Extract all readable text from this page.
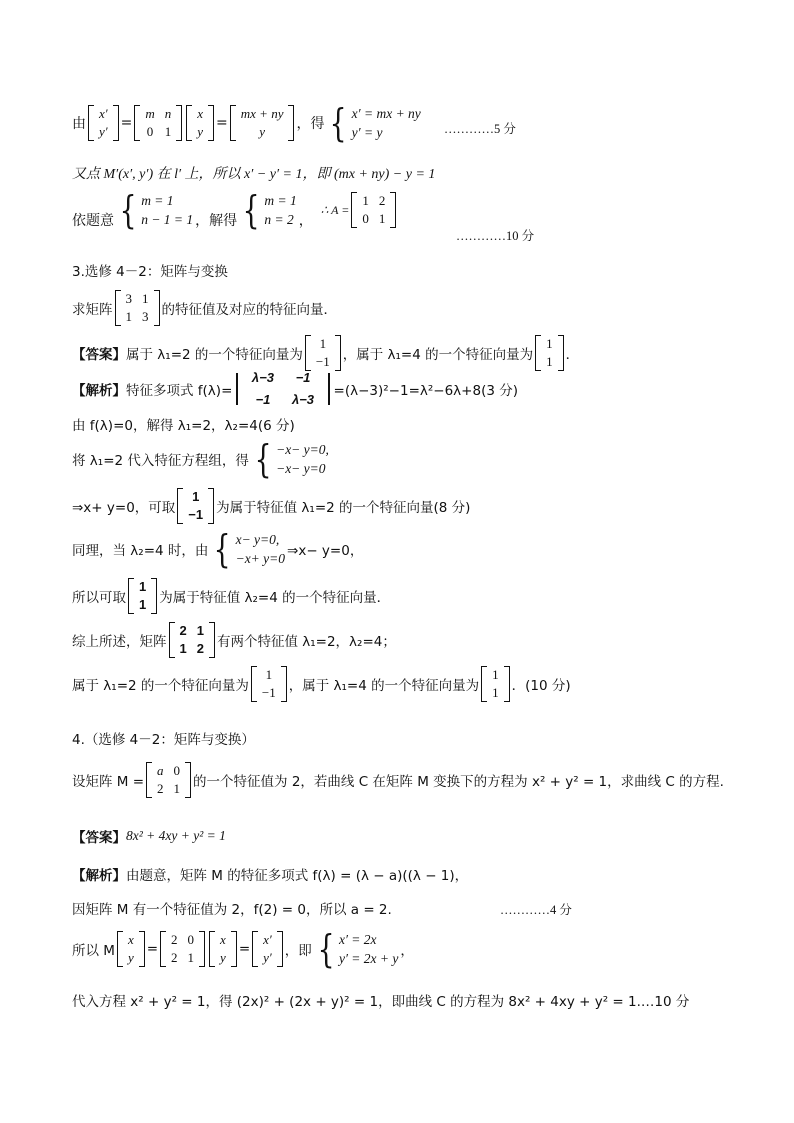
由
x′
y′
=
m	n
0	1
x
y
=
mx + ny
y ，得 { x′ = mx + ny
y′ = y	…………5 分
又点 M′(x′, y′) 在 l′ 上，所以 x′ − y′ = 1，即 (mx + ny) − y = 1
依题意 { m = 1
n − 1 = 1 ，解得 { m = 1
n = 2 ，
∴ A =
1	2
0	1
…………10 分
3.选修 4－2：矩阵与变换
求矩阵
3	1
1	3 的特征值及对应的特征向量．
【答案】 属于 λ₁=2 的一个特征向量为
1
−1 ，属于 λ₁=4 的一个特征向量为
1
1 ．
【解析】 特征多项式 f(λ)=
λ−3	−1
−1	λ−3
=(λ−3)²−1=λ²−6λ+8(3 分)
由 f(λ)=0，解得 λ₁=2，λ₂=4(6 分)
将 λ₁=2 代入特征方程组，得 { −x− y=0,
−x− y=0
⇒x+ y=0，可取
1
−1 为属于特征值 λ₁=2 的一个特征向量(8 分)
同理，当 λ₂=4 时，由 { x− y=0,
−x+ y=0 ⇒x− y=0，
所以可取
1
1 为属于特征值 λ₂=4 的一个特征向量．
综上所述，矩阵
2	1
1	2 有两个特征值 λ₁=2，λ₂=4；
属于 λ₁=2 的一个特征向量为
1
−1 ，属于 λ₁=4 的一个特征向量为
1
1 ．(10 分)
4.（选修 4－2：矩阵与变换）
设矩阵 M =
a	0
2	1 的一个特征值为 2，若曲线 C 在矩阵 M 变换下的方程为 x² + y² = 1，求曲线 C 的方程.
【答案】 8x² + 4xy + y² = 1
【解析】 由题意，矩阵 M 的特征多项式 f(λ) = (λ − a)((λ − 1)，
因矩阵 M 有一个特征值为 2，f(2) = 0，所以 a = 2.	…………4 分
所以 M
x
y
=
2	0
2	1
x
y
=
x′
y′ ，即 { x′ = 2x
y′ = 2x + y ，
代入方程 x² + y² = 1，得 (2x)² + (2x + y)² = 1，即曲线 C 的方程为 8x² + 4xy + y² = 1.…10 分
